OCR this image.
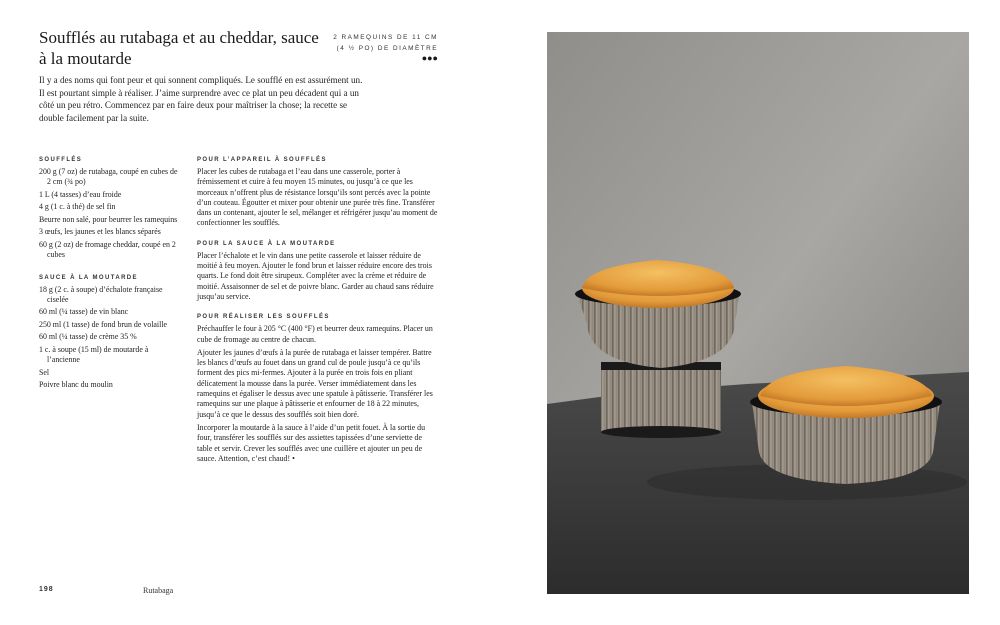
Soufflés au rutabaga et au cheddar, sauce à la moutarde
2 RAMEQUINS DE 11 CM
(4 ½ PO) DE DIAMÈTRE
●●●

Il y a des noms qui font peur et qui sonnent compliqués. Le soufflé en est assurément un. Il est pourtant simple à réaliser. J’aime surprendre avec ce plat un peu décadent qui a un côté un peu rétro. Commencez par en faire deux pour maîtriser la chose; la recette se double facilement par la suite.

SOUFFLÉS
200 g (7 oz) de rutabaga, coupé en cubes de 2 cm (¾ po)
1 L (4 tasses) d’eau froide
4 g (1 c. à thé) de sel fin
Beurre non salé, pour beurrer les ramequins
3 œufs, les jaunes et les blancs séparés
60 g (2 oz) de fromage cheddar, coupé en 2 cubes
SAUCE À LA MOUTARDE
18 g (2 c. à soupe) d’échalote française ciselée
60 ml (¼ tasse) de vin blanc
250 ml (1 tasse) de fond brun de volaille
60 ml (¼ tasse) de crème 35 %
1 c. à soupe (15 ml) de moutarde à l’ancienne
Sel
Poivre blanc du moulin
POUR L’APPAREIL À SOUFFLÉS
Placer les cubes de rutabaga et l’eau dans une casserole, porter à frémissement et cuire à feu moyen 15 minutes, ou jusqu’à ce que les morceaux n’offrent plus de résistance lorsqu’ils sont percés avec la pointe d’un couteau. Égoutter et mixer pour obtenir une purée très fine. Transférer dans un contenant, ajouter le sel, mélanger et réfrigérer jusqu’au moment de confectionner les soufflés.
POUR LA SAUCE À LA MOUTARDE
Placer l’échalote et le vin dans une petite casserole et laisser réduire de moitié à feu moyen. Ajouter le fond brun et laisser réduire encore des trois quarts. Le fond doit être sirupeux. Compléter avec la crème et réduire de moitié. Assaisonner de sel et de poivre blanc. Garder au chaud sans réduire jusqu’au service.
POUR RÉALISER LES SOUFFLÉS
Préchauffer le four à 205 °C (400 °F) et beurrer deux ramequins. Placer un cube de fromage au centre de chacun.
Ajouter les jaunes d’œufs à la purée de rutabaga et laisser tempérer. Battre les blancs d’œufs au fouet dans un grand cul de poule jusqu’à ce qu’ils forment des pics mi-fermes. Ajouter à la purée en trois fois en pliant délicatement la mousse dans la purée. Verser immédiatement dans les ramequins et égaliser le dessus avec une spatule à pâtisserie. Transférer les ramequins sur une plaque à pâtisserie et enfourner de 18 à 22 minutes, jusqu’à ce que le dessus des soufflés soit bien doré.
Incorporer la moutarde à la sauce à l’aide d’un petit fouet. À la sortie du four, transférer les soufflés sur des assiettes tapissées d’une serviette de table et servir. Crever les soufflés avec une cuillère et ajouter un peu de sauce. Attention, c’est chaud! •
198	Rutabaga
